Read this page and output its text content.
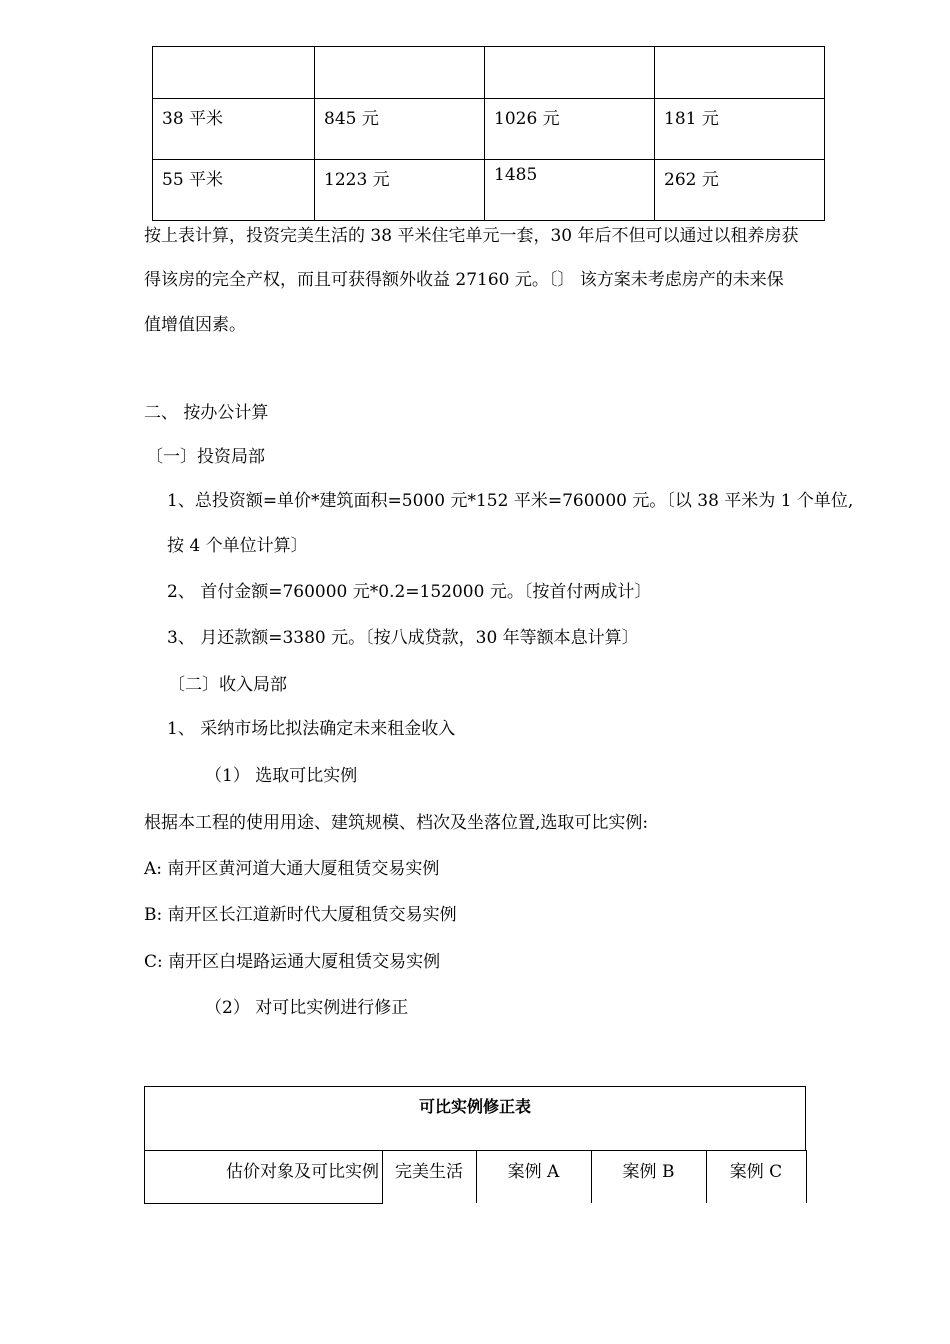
38 平米	845 元	1026 元	181 元
55 平米	1223 元	1485	262 元

按上表计算，投资完美生活的 38 平米住宅单元一套，30 年后不但可以通过以租养房获

得该房的完全产权，而且可获得额外收益 27160 元。〔〕 该方案未考虑房产的未来保

值增值因素。

二、 按办公计算

〔一〕投资局部

1、总投资额=单价*建筑面积=5000 元*152 平米=760000 元。〔以 38 平米为 1 个单位,

按 4 个单位计算〕

2、 首付金额=760000 元*0.2=152000 元。〔按首付两成计〕

3、 月还款额=3380 元。〔按八成贷款，30 年等额本息计算〕

〔二〕收入局部

1、 采纳市场比拟法确定未来租金收入

（1） 选取可比实例

根据本工程的使用用途、建筑规模、档次及坐落位置,选取可比实例:

A: 南开区黄河道大通大厦租赁交易实例

B: 南开区长江道新时代大厦租赁交易实例

C: 南开区白堤路运通大厦租赁交易实例

（2） 对可比实例进行修正

可比实例修正表
估价对象及可比实例 完美生活	案例 A	案例 B	案例 C
